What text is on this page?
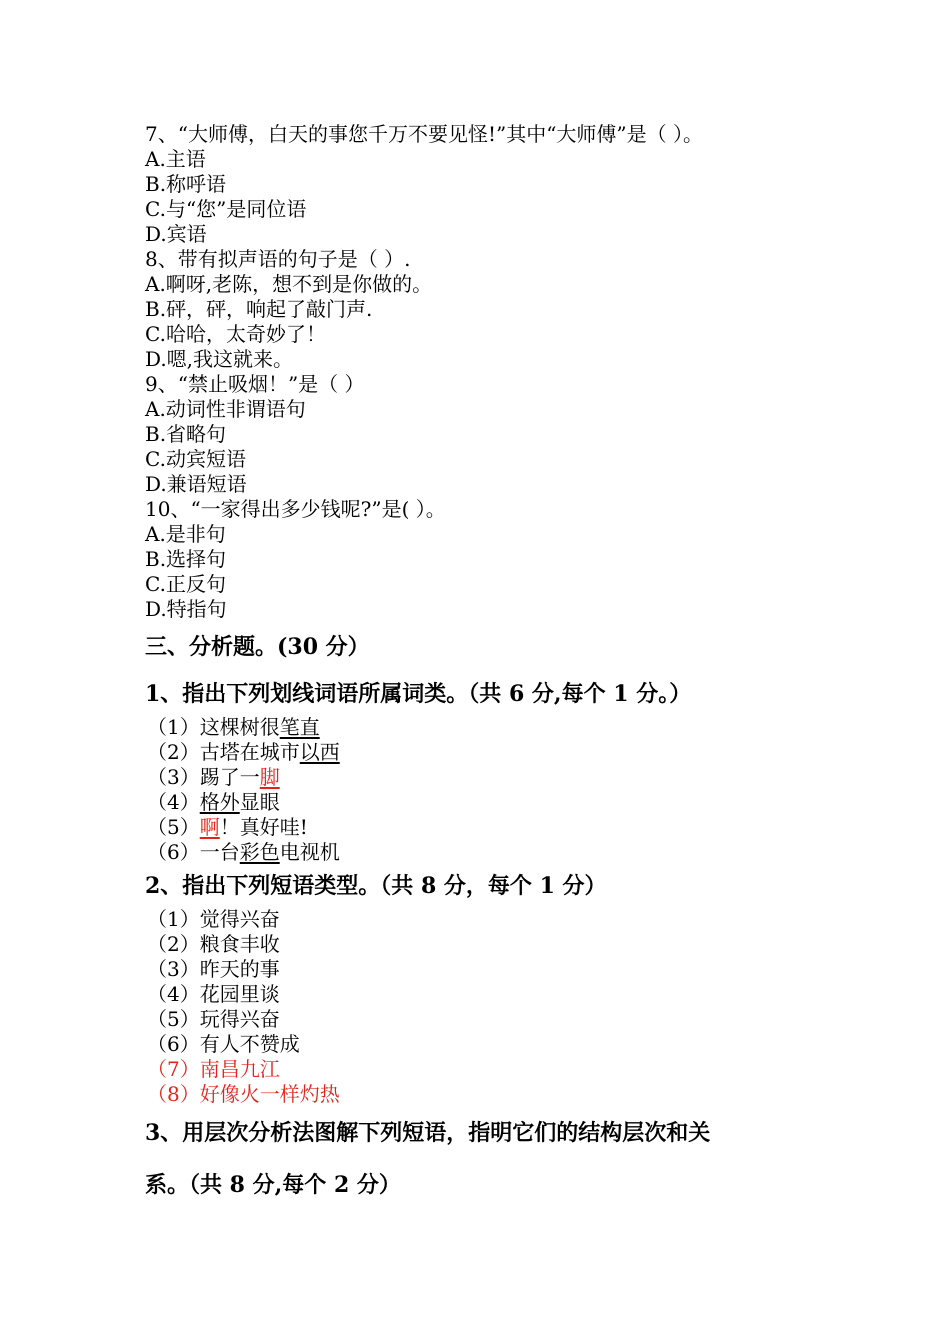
7、“大师傅，白天的事您千万不要见怪!”其中“大师傅”是（ ）。
A.主语
B.称呼语
C.与“您”是同位语
D.宾语
8、带有拟声语的句子是（ ）.
A.啊呀,老陈，想不到是你做的。
B.砰，砰，响起了敲门声.
C.哈哈，太奇妙了！
D.嗯,我这就来。
9、“禁止吸烟！”是（ ）
A.动词性非谓语句
B.省略句
C.动宾短语
D.兼语短语
10、“一家得出多少钱呢?”是( ）。
A.是非句
B.选择句
C.正反句
D.特指句
三、分析题。(30 分）
1、指出下列划线词语所属词类。（共 6 分,每个 1 分。）
（1）这棵树很笔直
（2）古塔在城市以西
（3）踢了一脚
（4）格外显眼
（5）啊！真好哇!
（6）一台彩色电视机
2、指出下列短语类型。（共 8 分，每个 1 分）
（1）觉得兴奋
（2）粮食丰收
（3）昨天的事
（4）花园里谈
（5）玩得兴奋
（6）有人不赞成
（7）南昌九江
（8）好像火一样灼热
3、用层次分析法图解下列短语，指明它们的结构层次和关
系。（共 8 分,每个 2 分）
